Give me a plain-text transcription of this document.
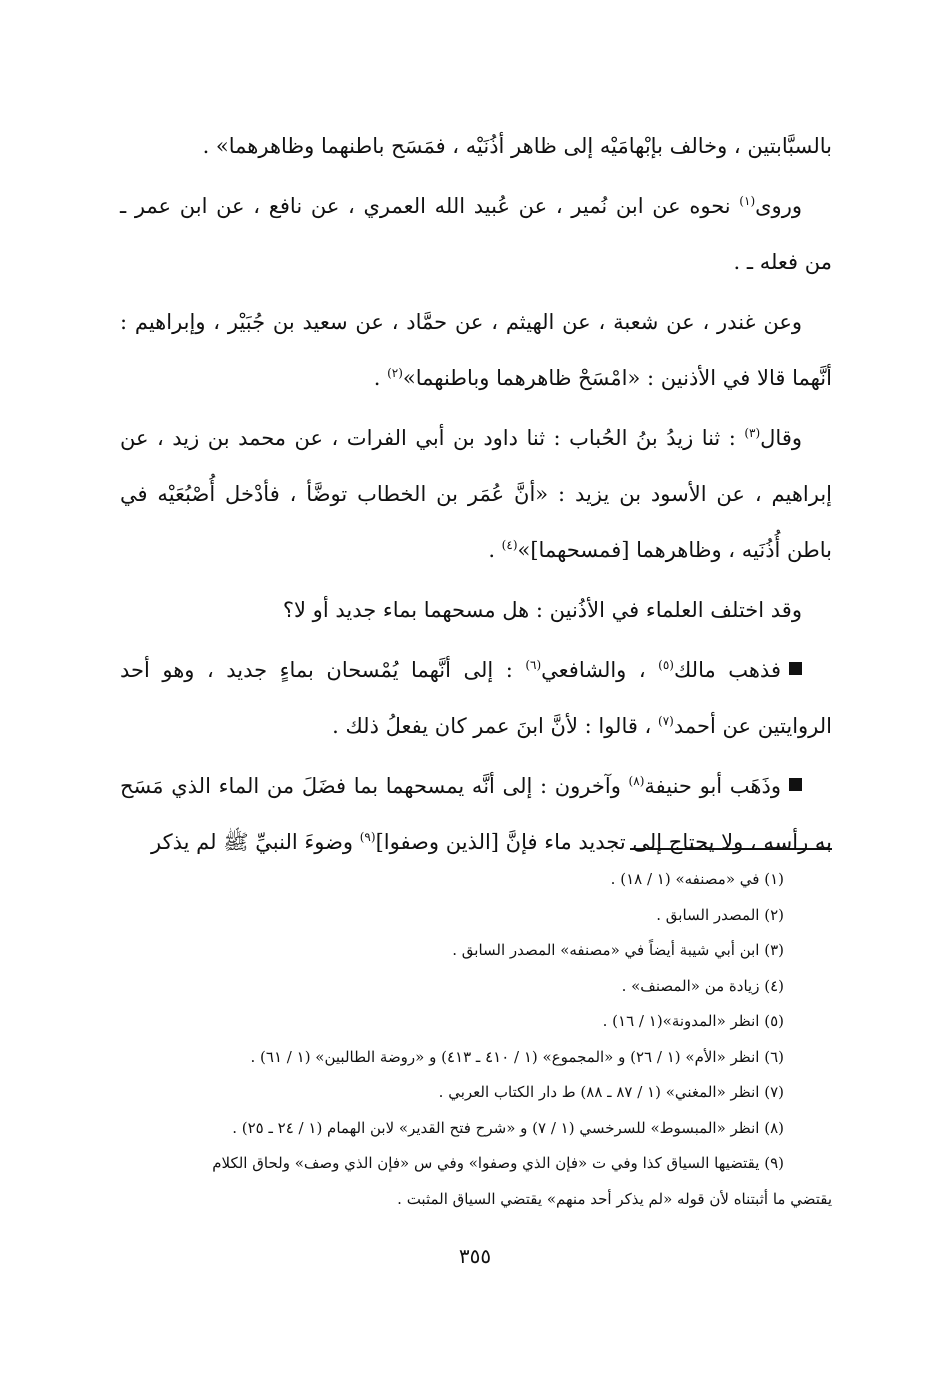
بالسبَّابتين ، وخالف بإبْهامَيْه إلى ظاهر أذُنَيْه ، فمَسَح باطنهما وظاهرهما» .

وروى$^{(١)}$ نحوه عن ابن نُمير ، عن عُبيد الله العمري ، عن نافع ، عن ابن عمر ـ من فعله ـ .

وعن غندر ، عن شعبة ، عن الهيثم ، عن حمَّاد ، عن سعيد بن جُبَيْر ، وإبراهيم : أنَّهما قالا في الأذنين : «امْسَحْ ظاهرهما وباطنهما»$^{(٢)}$ .

وقال$^{(٣)}$ : ثنا زيدُ بنُ الحُباب : ثنا داود بن أبي الفرات ، عن محمد بن زيد ، عن إبراهيم ، عن الأسود بن يزيد : «أنَّ عُمَر بن الخطاب توضَّأ ، فأدْخل أُصْبُعَيْه في باطن أُذُنَيه ، وظاهرهما [فمسحهما]»$^{(٤)}$ .

وقد اختلف العلماء في الأذُنين : هل مسحهما بماء جديد أو لا؟

فذهب مالك$^{(٥)}$ ، والشافعي$^{(٦)}$ : إلى أنَّهما يُمْسحان بماءٍ جديد ، وهو أحد الروايتين عن أحمد$^{(٧)}$ ، قالوا : لأنَّ ابنَ عمر كان يفعلُ ذلك .

وذَهَب أبو حنيفة$^{(٨)}$ وآخرون : إلى أنَّه يمسحهما بما فضَلَ من الماء الذي مَسَح به رأسه ، ولا يحتاج إلى تجديد ماء فإنَّ [الذين وصفوا]$^{(٩)}$ وضوءَ النبيِّ ﷺ لم يذكر

(١) في «مصنفه» (١ / ١٨) .
(٢) المصدر السابق .
(٣) ابن أبي شيبة أيضاً في «مصنفه» المصدر السابق .
(٤) زيادة من «المصنف» .
(٥) انظر «المدونة»(١ / ١٦) .
(٦) انظر «الأم» (١ / ٢٦) و «المجموع» (١ / ٤١٠ ـ ٤١٣) و «روضة الطالبين» (١ / ٦١) .
(٧) انظر «المغني» (١ / ٨٧ ـ ٨٨) ط دار الكتاب العربي .
(٨) انظر «المبسوط» للسرخسي (١ / ٧) و «شرح فتح القدير» لابن الهمام (١ / ٢٤ ـ ٢٥) .
(٩) يقتضيها السياق كذا وفي ت «فإن الذي وصفوا» وفي س «فإن الذي وصف» ولحاق الكلام
يقتضي ما أثبتناه لأن قوله «لم يذكر أحد منهم» يقتضي السياق المثبت .
٣٥٥
